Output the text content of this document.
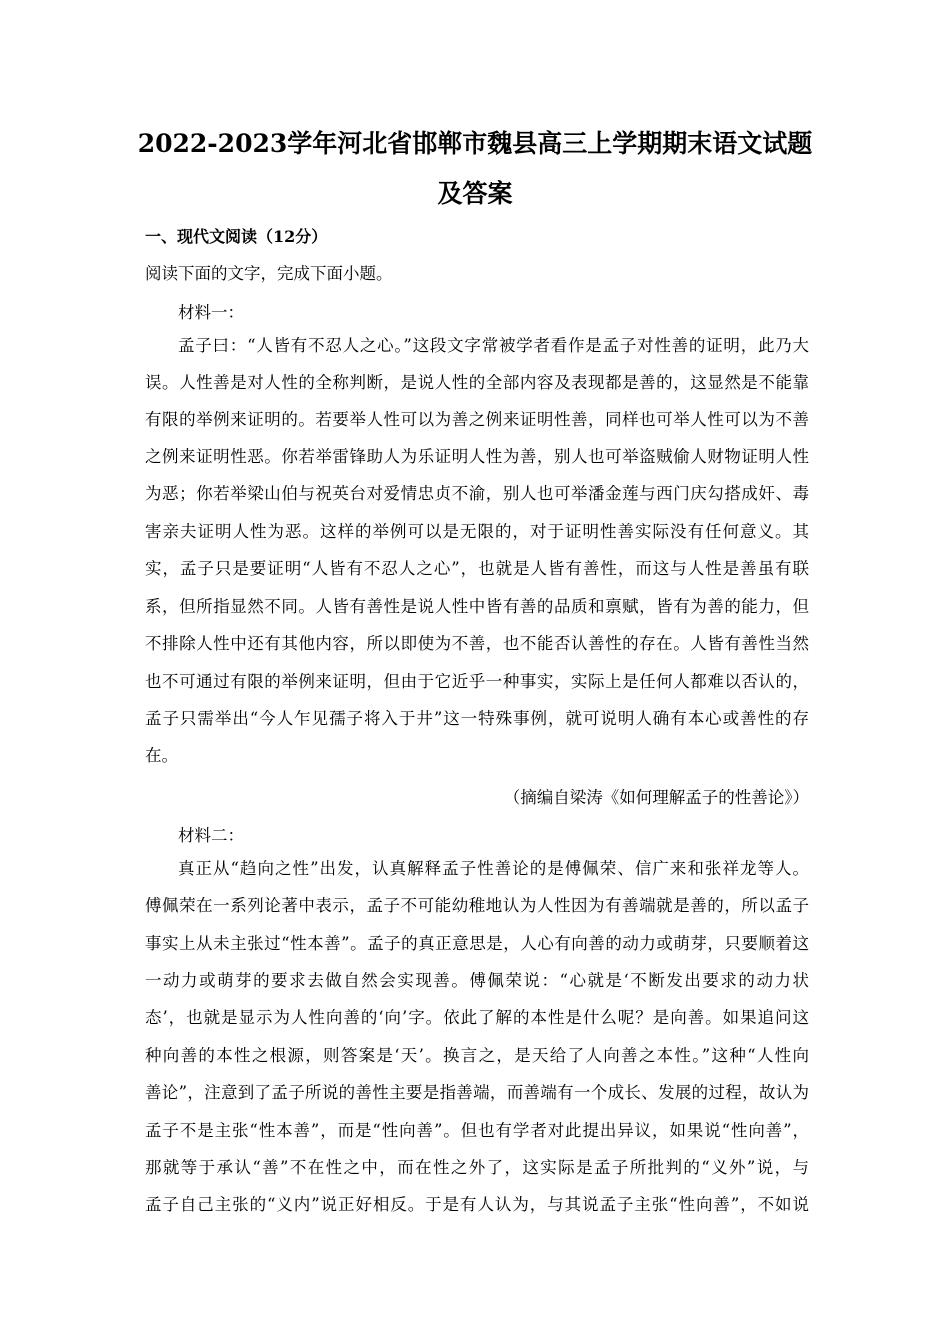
2022-2023学年河北省邯郸市魏县高三上学期期末语文试题
及答案
一、现代文阅读（12分）
阅读下面的文字，完成下面小题。
材料一：
孟子曰：“人皆有不忍人之心。”这段文字常被学者看作是孟子对性善的证明，此乃大
误。人性善是对人性的全称判断，是说人性的全部内容及表现都是善的，这显然是不能靠
有限的举例来证明的。若要举人性可以为善之例来证明性善，同样也可举人性可以为不善
之例来证明性恶。你若举雷锋助人为乐证明人性为善，别人也可举盗贼偷人财物证明人性
为恶；你若举梁山伯与祝英台对爱情忠贞不渝，别人也可举潘金莲与西门庆勾搭成奸、毒
害亲夫证明人性为恶。这样的举例可以是无限的，对于证明性善实际没有任何意义。其
实，孟子只是要证明“人皆有不忍人之心”，也就是人皆有善性，而这与人性是善虽有联
系，但所指显然不同。人皆有善性是说人性中皆有善的品质和禀赋，皆有为善的能力，但
不排除人性中还有其他内容，所以即使为不善，也不能否认善性的存在。人皆有善性当然
也不可通过有限的举例来证明，但由于它近乎一种事实，实际上是任何人都难以否认的，
孟子只需举出“今人乍见孺子将入于井”这一特殊事例，就可说明人确有本心或善性的存
在。
（摘编自梁涛《如何理解孟子的性善论》）
材料二：
真正从“趋向之性”出发，认真解释孟子性善论的是傅佩荣、信广来和张祥龙等人。
傅佩荣在一系列论著中表示，孟子不可能幼稚地认为人性因为有善端就是善的，所以孟子
事实上从未主张过“性本善”。孟子的真正意思是，人心有向善的动力或萌芽，只要顺着这
一动力或萌芽的要求去做自然会实现善。傅佩荣说：“心就是‘不断发出要求的动力状
态’，也就是显示为人性向善的‘向’字。依此了解的本性是什么呢？是向善。如果追问这
种向善的本性之根源，则答案是‘天’。换言之，是天给了人向善之本性。”这种“人性向
善论”，注意到了孟子所说的善性主要是指善端，而善端有一个成长、发展的过程，故认为
孟子不是主张“性本善”，而是“性向善”。但也有学者对此提出异议，如果说“性向善”，
那就等于承认“善”不在性之中，而在性之外了，这实际是孟子所批判的“义外”说，与
孟子自己主张的“义内”说正好相反。于是有人认为，与其说孟子主张“性向善”，不如说
